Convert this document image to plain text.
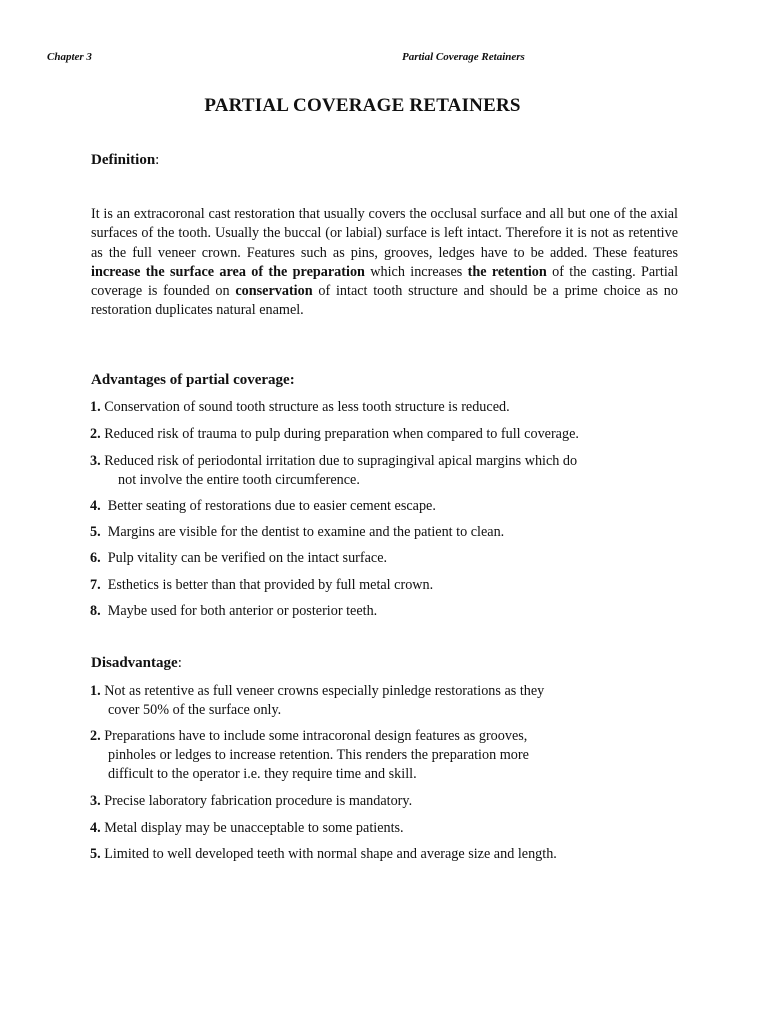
Chapter 3	Partial Coverage Retainers
PARTIAL COVERAGE RETAINERS
Definition:
It is an extracoronal cast restoration that usually covers the occlusal surface and all but one of the axial surfaces of the tooth. Usually the buccal (or labial) surface is left intact. Therefore it is not as retentive as the full veneer crown. Features such as pins, grooves, ledges have to be added. These features increase the surface area of the preparation which increases the retention of the casting. Partial coverage is founded on conservation of intact tooth structure and should be a prime choice as no restoration duplicates natural enamel.
Advantages of partial coverage:
1. Conservation of sound tooth structure as less tooth structure is reduced.
2. Reduced risk of trauma to pulp during preparation when compared to full coverage.
3. Reduced risk of periodontal irritation due to supragingival apical margins which do
not involve the entire tooth circumference.
4. Better seating of restorations due to easier cement escape.
5. Margins are visible for the dentist to examine and the patient to clean.
6. Pulp vitality can be verified on the intact surface.
7. Esthetics is better than that provided by full metal crown.
8. Maybe used for both anterior or posterior teeth.
Disadvantage:
1. Not as retentive as full veneer crowns especially pinledge restorations as they
cover 50% of the surface only.
2. Preparations have to include some intracoronal design features as grooves,
pinholes or ledges to increase retention. This renders the preparation more
difficult to the operator i.e. they require time and skill.
3. Precise laboratory fabrication procedure is mandatory.
4. Metal display may be unacceptable to some patients.
5. Limited to well developed teeth with normal shape and average size and length.
